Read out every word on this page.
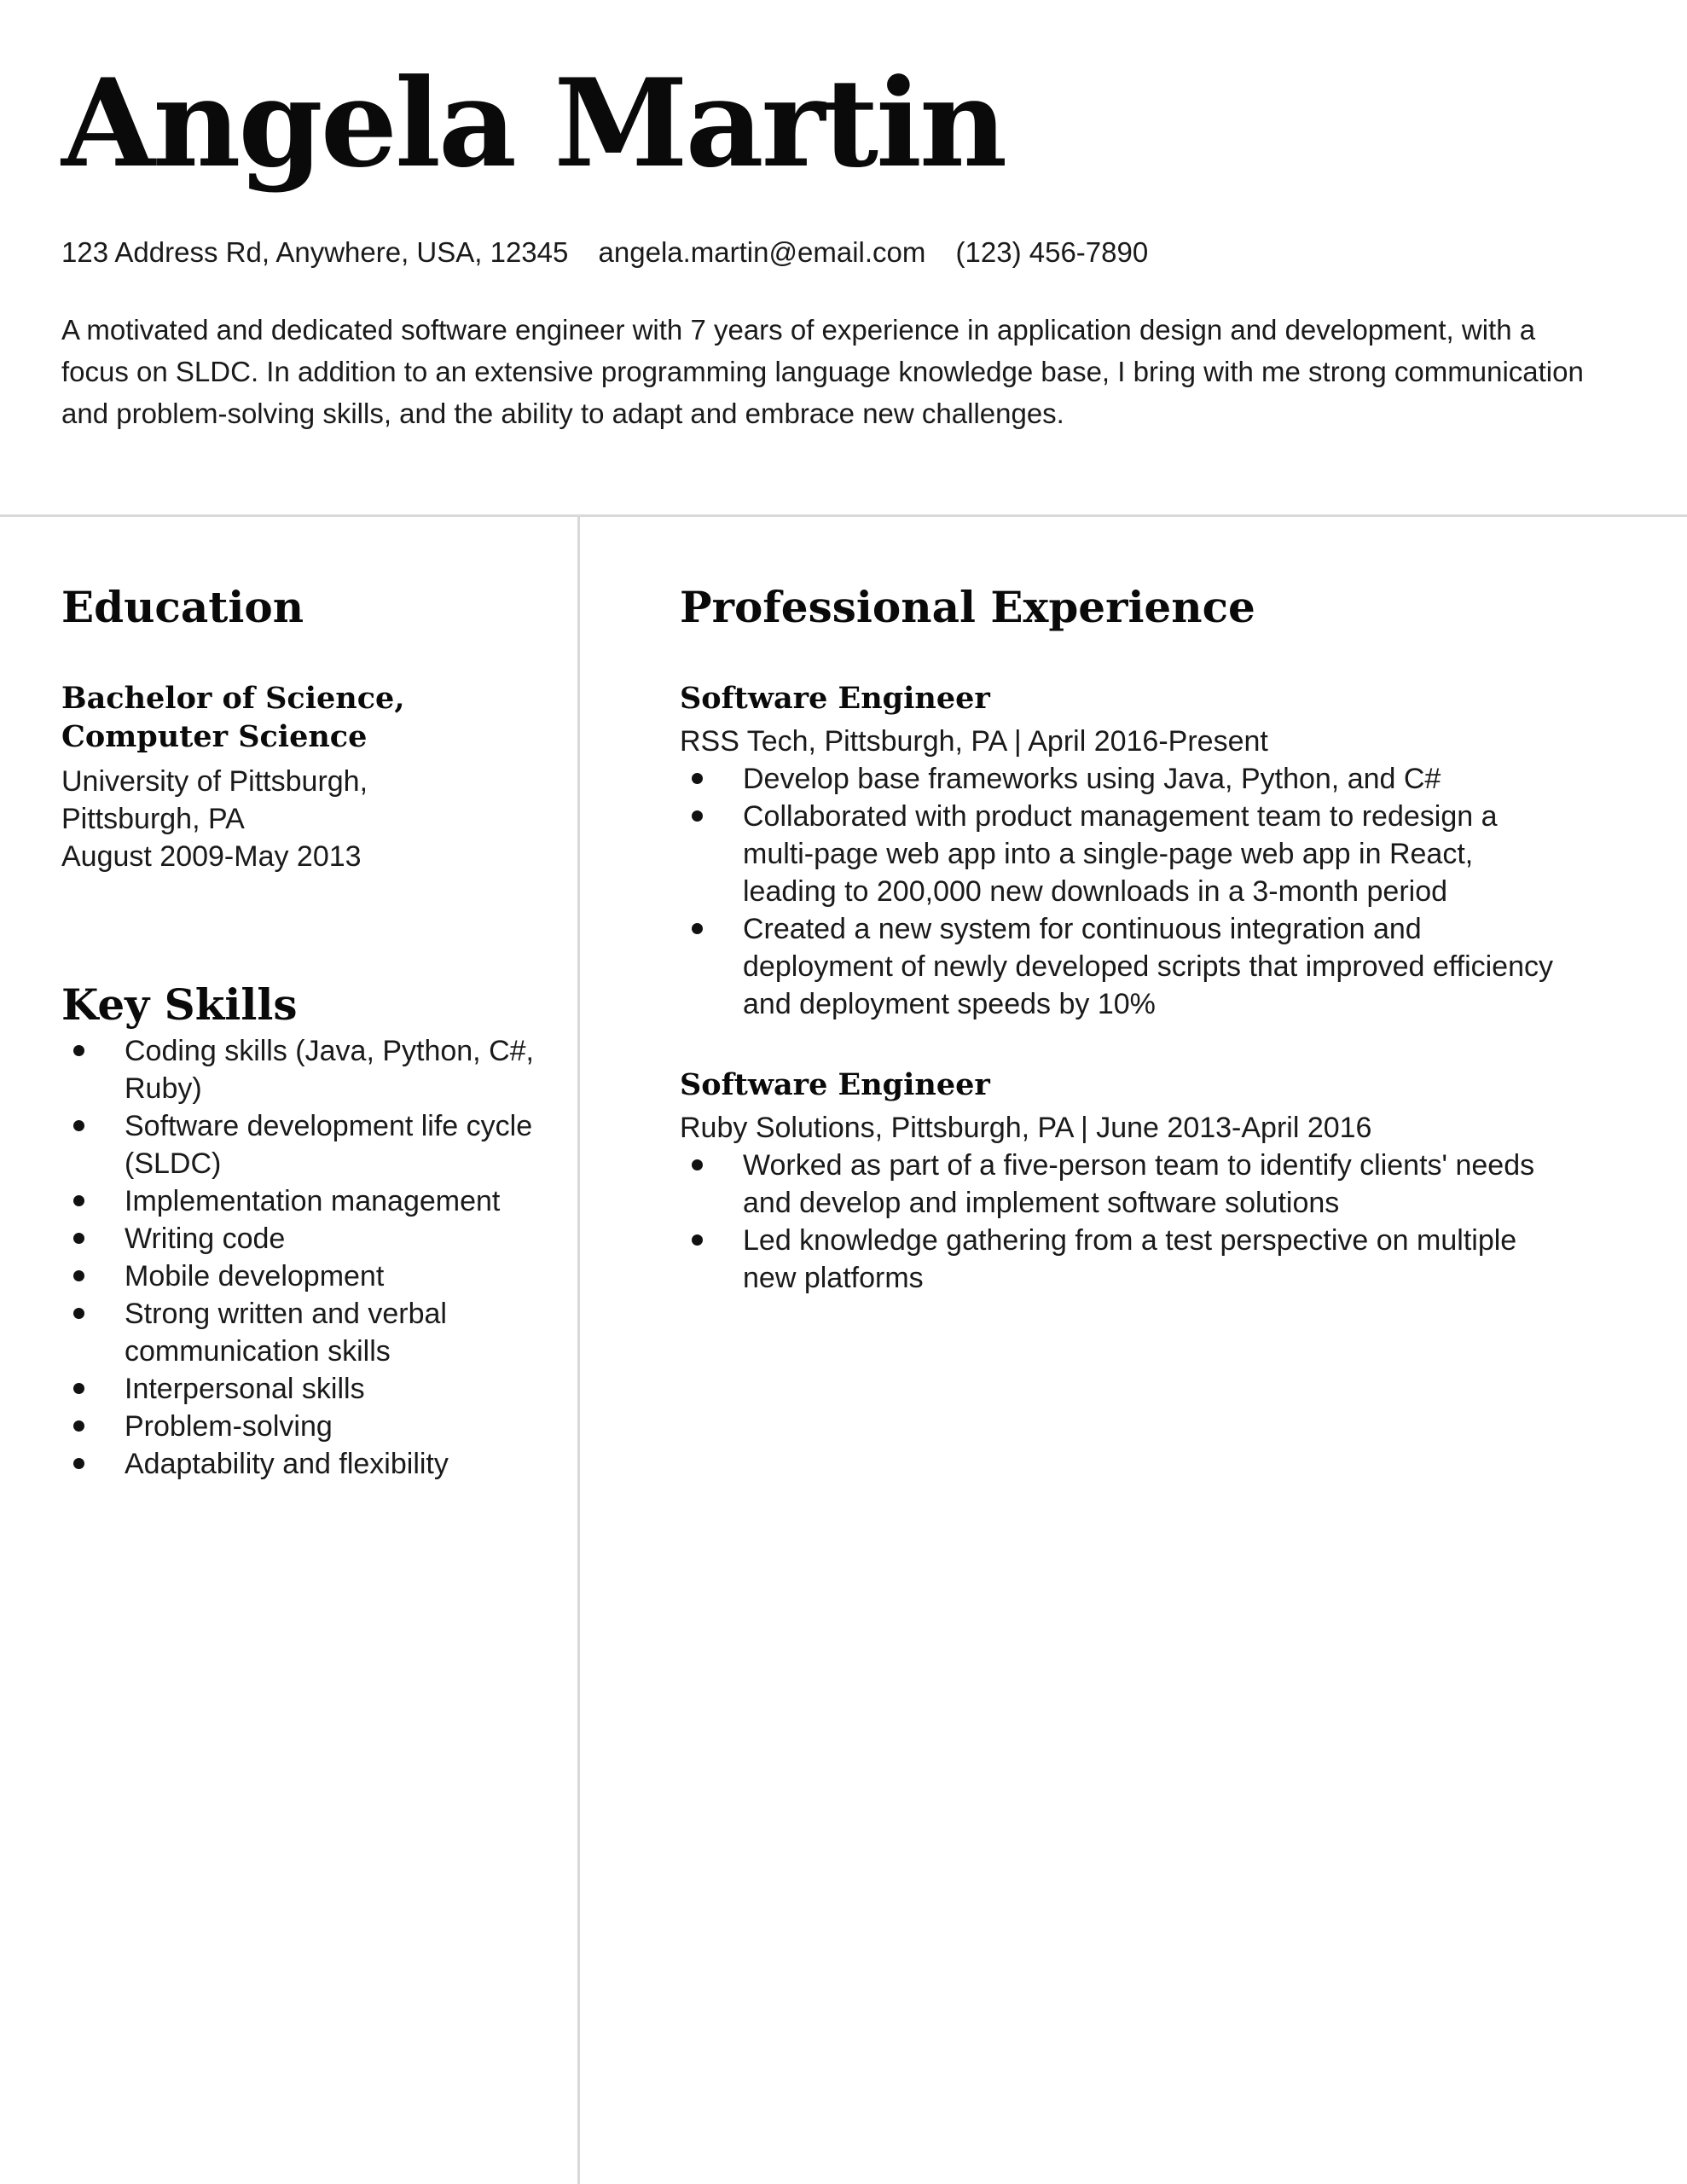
Angela Martin
123 Address Rd, Anywhere, USA, 12345 angela.martin@email.com (123) 456-7890

A motivated and dedicated software engineer with 7 years of experience in application design and development, with a focus on SLDC. In addition to an extensive programming language knowledge base, I bring with me strong communication and problem-solving skills, and the ability to adapt and embrace new challenges.

Education

Bachelor of Science, Computer Science

University of Pittsburgh, Pittsburgh, PA

August 2009-May 2013

Key Skills
Coding skills (Java, Python, C#, Ruby)
Software development life cycle (SLDC)
Implementation management
Writing code
Mobile development
Strong written and verbal communication skills
Interpersonal skills
Problem-solving
Adaptability and flexibility
Professional Experience

Software Engineer

RSS Tech, Pittsburgh, PA | April 2016-Present

Develop base frameworks using Java, Python, and C#
Collaborated with product management team to redesign a multi-page web app into a single-page web app in React, leading to 200,000 new downloads in a 3-month period
Created a new system for continuous integration and deployment of newly developed scripts that improved efficiency and deployment speeds by 10%

Software Engineer

Ruby Solutions, Pittsburgh, PA | June 2013-April 2016

Worked as part of a five-person team to identify clients' needs and develop and implement software solutions
Led knowledge gathering from a test perspective on multiple new platforms
